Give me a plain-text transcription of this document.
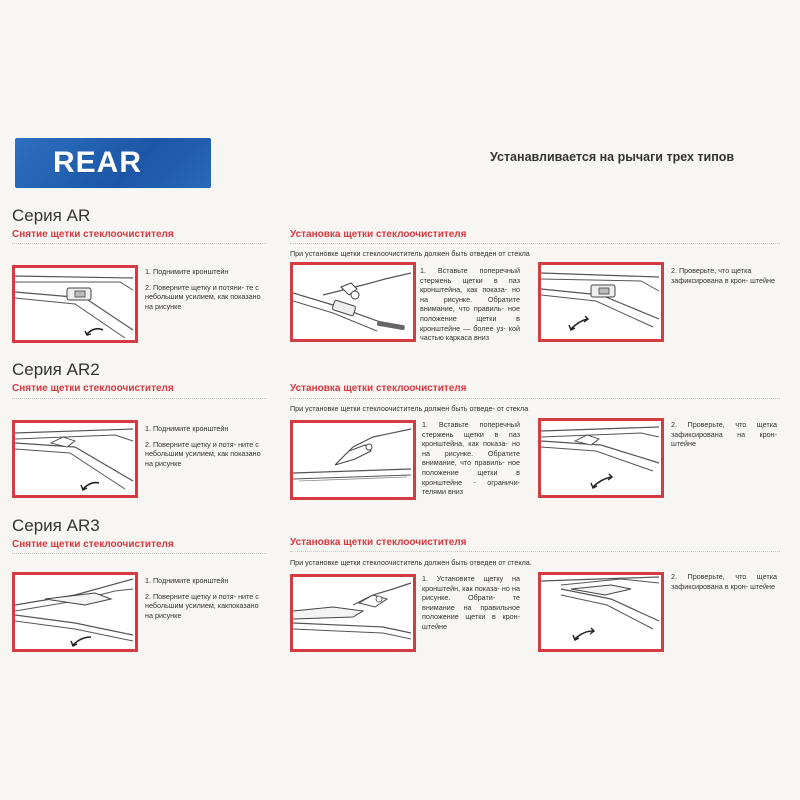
REAR	Устанавливается на рычаги трех типов
Серия AR
Снятие щетки стеклоочистителя	Установка щетки стеклоочистителя
При установке щетки стеклоочиститель должен быть отведен от стекла

1. Поднимите кронштейн

2. Поверните щетку и потяни- те с небольшим усилием, как показано на рисунке

1. Вставьте поперечный стержень щетки в паз кронштейна, как показа- но на рисунке. Обратите внимание, что правиль- ное положение щетки в кронштейне — более уз- кой частью каркаса вниз
2. Проверьте, что щетка зафиксирована в крон- штейне
Серия AR2
Снятие щетки стеклоочистителя	Установка щетки стеклоочистителя
При установке щетки стеклоочиститель должен быть отведе- от стекла

1. Поднимите кронштейн

2. Поверните щетку и потя- ните с небольшим усилием, как показано на рисунке

1. Вставьте поперечный стержень щетки в паз кронштейна, как показа- но на рисунке. Обратите внимание, что правиль- ное положение щетки в кронштейне - ограничи- телями вниз
2. Проверьте, что щетка зафиксирована на крон- штейне
Серия AR3
Снятие щетки стеклоочистителя	Установка щетки стеклоочистителя
При установке щетки стеклоочиститель должен быть отведен от стекла.

1. Поднимите кронштейн

2. Поверните щетку и потя- ните с небольшим усилием, какпоказано на рисунке

1. Установите щетку на кронштейн, как показа- но на рисунке. Обрати- те внимание на правильное положение щетки в крон- штейне
2. Проверьте, что щетка зафиксирована в крон- штейне
